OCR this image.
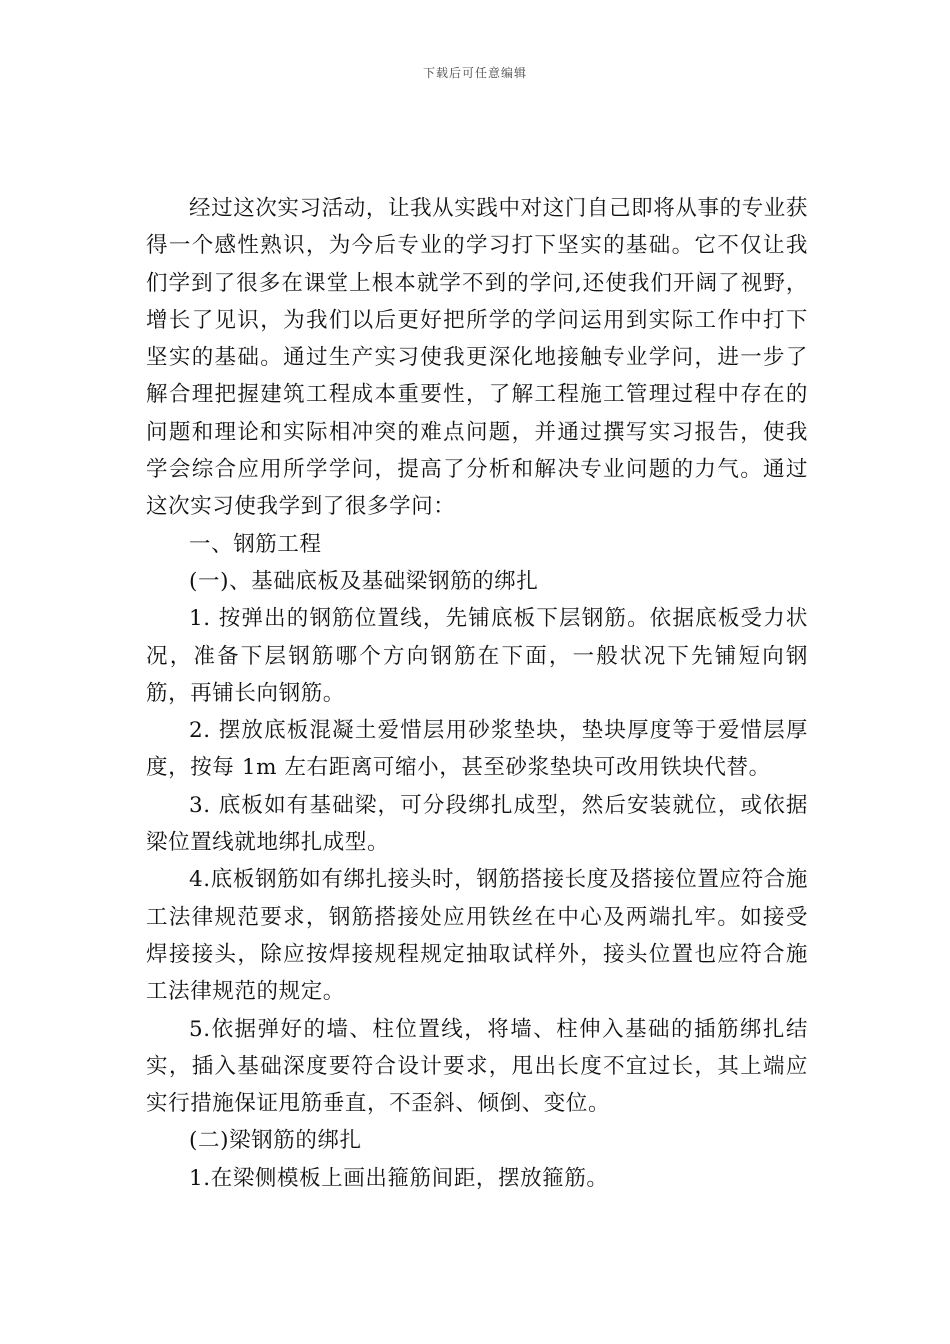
下载后可任意编辑

经过这次实习活动，让我从实践中对这门自己即将从事的专业获得一个感性熟识，为今后专业的学习打下坚实的基础。它不仅让我们学到了很多在课堂上根本就学不到的学问,还使我们开阔了视野，增长了见识，为我们以后更好把所学的学问运用到实际工作中打下坚实的基础。通过生产实习使我更深化地接触专业学问，进一步了解合理把握建筑工程成本重要性，了解工程施工管理过程中存在的问题和理论和实际相冲突的难点问题，并通过撰写实习报告，使我学会综合应用所学学问，提高了分析和解决专业问题的力气。通过这次实习使我学到了很多学问：

一、钢筋工程

(一)、基础底板及基础梁钢筋的绑扎

1. 按弹出的钢筋位置线，先铺底板下层钢筋。依据底板受力状况，准备下层钢筋哪个方向钢筋在下面，一般状况下先铺短向钢筋，再铺长向钢筋。

2. 摆放底板混凝土爱惜层用砂浆垫块，垫块厚度等于爱惜层厚度，按每 1m 左右距离可缩小，甚至砂浆垫块可改用铁块代替。

3. 底板如有基础梁，可分段绑扎成型，然后安装就位，或依据梁位置线就地绑扎成型。

4.底板钢筋如有绑扎接头时，钢筋搭接长度及搭接位置应符合施工法律规范要求，钢筋搭接处应用铁丝在中心及两端扎牢。如接受焊接接头，除应按焊接规程规定抽取试样外，接头位置也应符合施工法律规范的规定。

5.依据弹好的墙、柱位置线，将墙、柱伸入基础的插筋绑扎结实，插入基础深度要符合设计要求，甩出长度不宜过长，其上端应实行措施保证甩筋垂直，不歪斜、倾倒、变位。

(二)梁钢筋的绑扎

1.在梁侧模板上画出箍筋间距，摆放箍筋。
